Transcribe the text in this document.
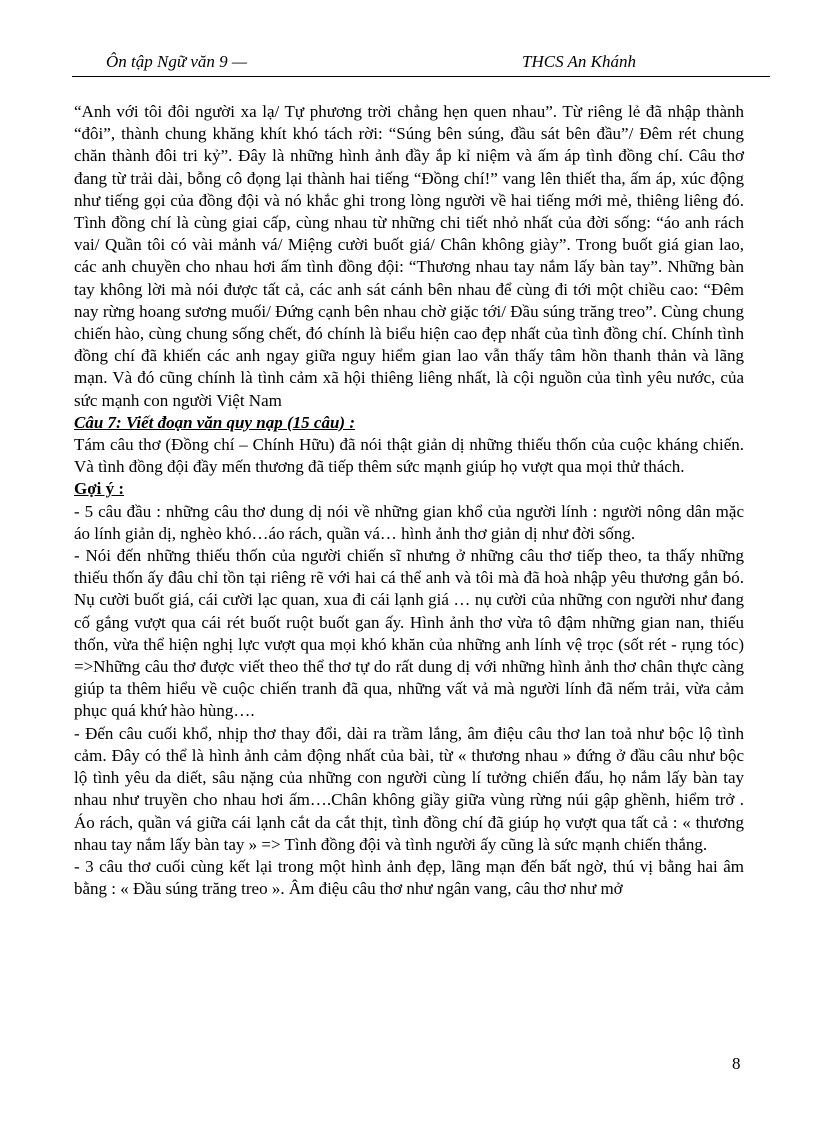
Ôn tập Ngữ văn 9 —	THCS An Khánh

“Anh với tôi đôi người xa lạ/ Tự phương trời chẳng hẹn quen nhau”. Từ riêng lẻ đã nhập thành “đôi”, thành chung khăng khít khó tách rời: “Súng bên súng, đầu sát bên đầu”/ Đêm rét chung chăn thành đôi tri kỷ”. Đây là những hình ảnh đầy ắp kỉ niệm và ấm áp tình đồng chí. Câu thơ đang từ trải dài, bỗng cô đọng lại thành hai tiếng “Đồng chí!” vang lên thiết tha, ấm áp, xúc động như tiếng gọi của đồng đội và nó khắc ghi trong lòng người về hai tiếng mới mẻ, thiêng liêng đó. Tình đồng chí là cùng giai cấp, cùng nhau từ những chi tiết nhỏ nhất của đời sống: “áo anh rách vai/ Quần tôi có vài mảnh vá/ Miệng cười buốt giá/ Chân không giày”. Trong buốt giá gian lao, các anh chuyền cho nhau hơi ấm tình đồng đội: “Thương nhau tay nắm lấy bàn tay”. Những bàn tay không lời mà nói được tất cả, các anh sát cánh bên nhau để cùng đi tới một chiều cao: “Đêm nay rừng hoang sương muối/ Đứng cạnh bên nhau chờ giặc tới/ Đầu súng trăng treo”. Cùng chung chiến hào, cùng chung sống chết, đó chính là biểu hiện cao đẹp nhất của tình đồng chí. Chính tình đồng chí đã khiến các anh ngay giữa nguy hiểm gian lao vẫn thấy tâm hồn thanh thản và lãng mạn. Và đó cũng chính là tình cảm xã hội thiêng liêng nhất, là cội nguồn của tình yêu nước, của sức mạnh con người Việt Nam

Câu 7: Viết đoạn văn quy nạp (15 câu) :

Tám câu thơ (Đồng chí – Chính Hữu) đã nói thật giản dị những thiếu thốn của cuộc kháng chiến. Và tình đồng đội đầy mến thương đã tiếp thêm sức mạnh giúp họ vượt qua mọi thử thách.

Gợi ý :

- 5 câu đầu : những câu thơ dung dị nói về những gian khổ của người lính : người nông dân mặc áo lính giản dị, nghèo khó…áo rách, quần vá… hình ảnh thơ giản dị như đời sống.

- Nói đến những thiếu thốn của người chiến sĩ nhưng ở những câu thơ tiếp theo, ta thấy những thiếu thốn ấy đâu chỉ tồn tại riêng rẽ với hai cá thể anh và tôi mà đã hoà nhập yêu thương gắn bó. Nụ cười buốt giá, cái cười lạc quan, xua đi cái lạnh giá … nụ cười của những con người như đang cố gắng vượt qua cái rét buốt ruột buốt gan ấy. Hình ảnh thơ vừa tô đậm những gian nan, thiếu thốn, vừa thể hiện nghị lực vượt qua mọi khó khăn của những anh lính vệ trọc (sốt rét - rụng tóc) =>Những câu thơ được viết theo thể thơ tự do rất dung dị với những hình ảnh thơ chân thực càng giúp ta thêm hiểu về cuộc chiến tranh đã qua, những vất vả mà người lính đã nếm trải, vừa cảm phục quá khứ hào hùng….

- Đến câu cuối khổ, nhịp thơ thay đổi, dài ra trầm lắng, âm điệu câu thơ lan toả như bộc lộ tình cảm. Đây có thể là hình ảnh cảm động nhất của bài, từ « thương nhau » đứng ở đầu câu như bộc lộ tình yêu da diết, sâu nặng của những con người cùng lí tưởng chiến đấu, họ nắm lấy bàn tay nhau như truyền cho nhau hơi ấm….Chân không giầy giữa vùng rừng núi gập ghềnh, hiểm trở . Áo rách, quần vá giữa cái lạnh cắt da cắt thịt, tình đồng chí đã giúp họ vượt qua tất cả : « thương nhau tay nắm lấy bàn tay » => Tình đồng đội và tình người ấy cũng là sức mạnh chiến thắng.

- 3 câu thơ cuối cùng kết lại trong một hình ảnh đẹp, lãng mạn đến bất ngờ, thú vị bằng hai âm bằng : « Đầu súng trăng treo ». Âm điệu câu thơ như ngân vang, câu thơ như mở

8
